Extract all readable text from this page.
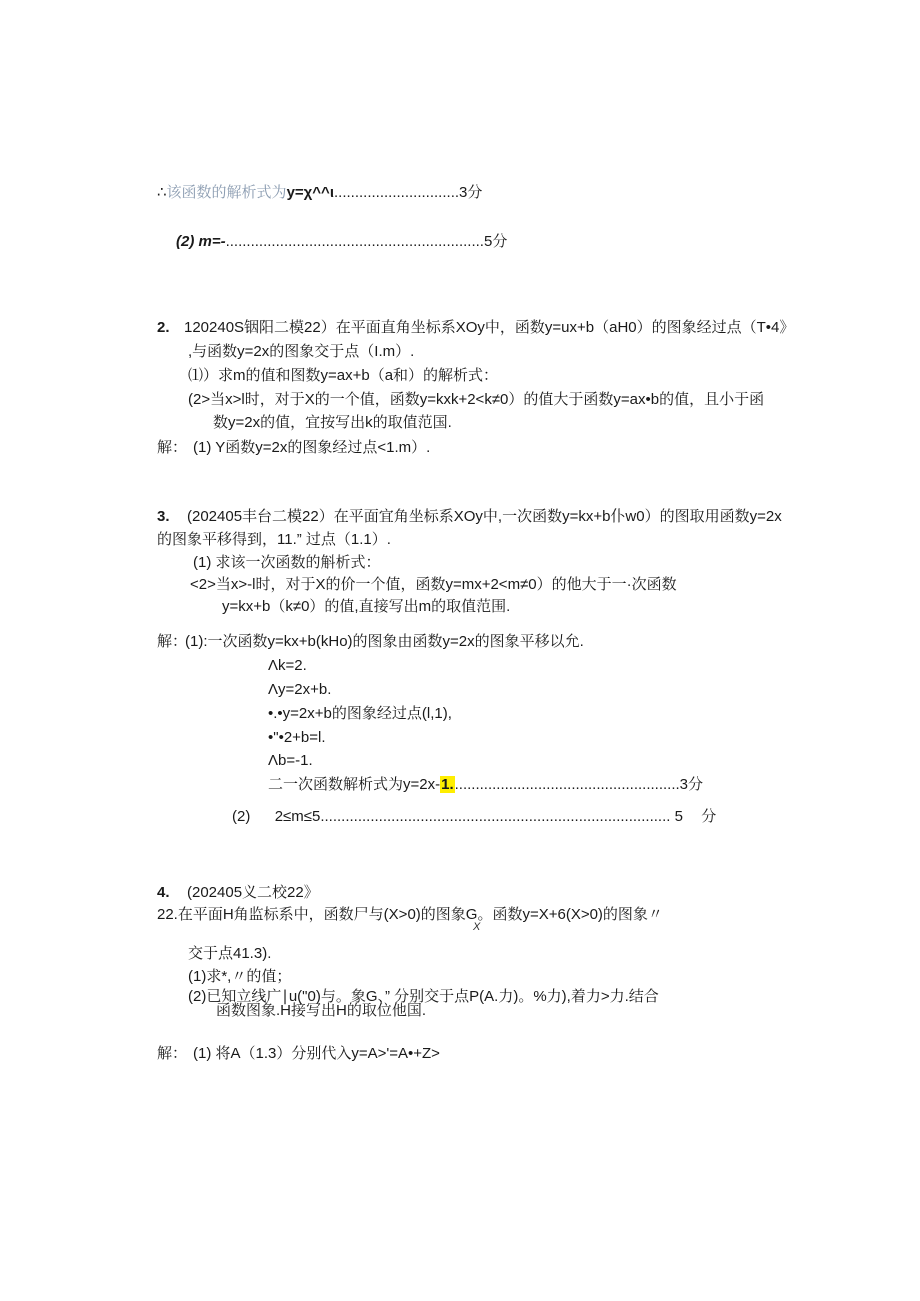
∴该函数的解析式为y=χ^^ι..............................3分
(2) m=-..............................................................5分
2. 120240S铟阳二模22）在平面直角坐标系XOy中，函数y=ux+b（aH0）的图象经过点（T•4》
,与函数y=2x的图象交于点（I.m）.
⑴）求m的值和图数y=ax+b（a和）的解析式：
(2>当x>l时，对于X的一个值，函数y=kxk+2<k≠0）的值大于函数y=ax•b的值，且小于函
数y=2x的值，宜按写出k的取值范国.
解： (1) Y函数y=2x的图象经过点<1.m）.
3. (202405丰台二模22）在平面宜角坐标系XOy中,一次函数y=kx+b仆w0）的图取用函数y=2x
的图象平移得到，11.” 过点（1.1）.
(1) 求该一次函数的斛析式：
<2>当x>-l时，对于X的价一个值，函数y=mx+2<m≠0）的他大于一·次函数
y=kx+b（k≠0）的值,直接写出m的取值范围.
解：
(1):一次函数y=kx+b(kHo)的图象由函数y=2x的图象平移以允.
Λk=2.
Λy=2x+b.
•.•y=2x+b的图象经过点(l,1),
•"•2+b=l.
Λb=-1.
二一次函数解析式为y=2x-1.......................................................3分
(2) 2≤m≤5.................................................................................... 5 分
4. (202405义二校22》
22.在平面H角监标系中，函数尸与(X>0)的图象G。函数y=X+6(X>0)的图象〃
X
交于点41.3).
(1)求*,〃的值；
(2)已知立线广∣u("0)与。象G、” 分别交于点P(A.力)。%力),着力>力.结合
函数图象.H接写出H的取位他国.
解： (1) 将A（1.3）分别代入y=A>'=A•+Z>
